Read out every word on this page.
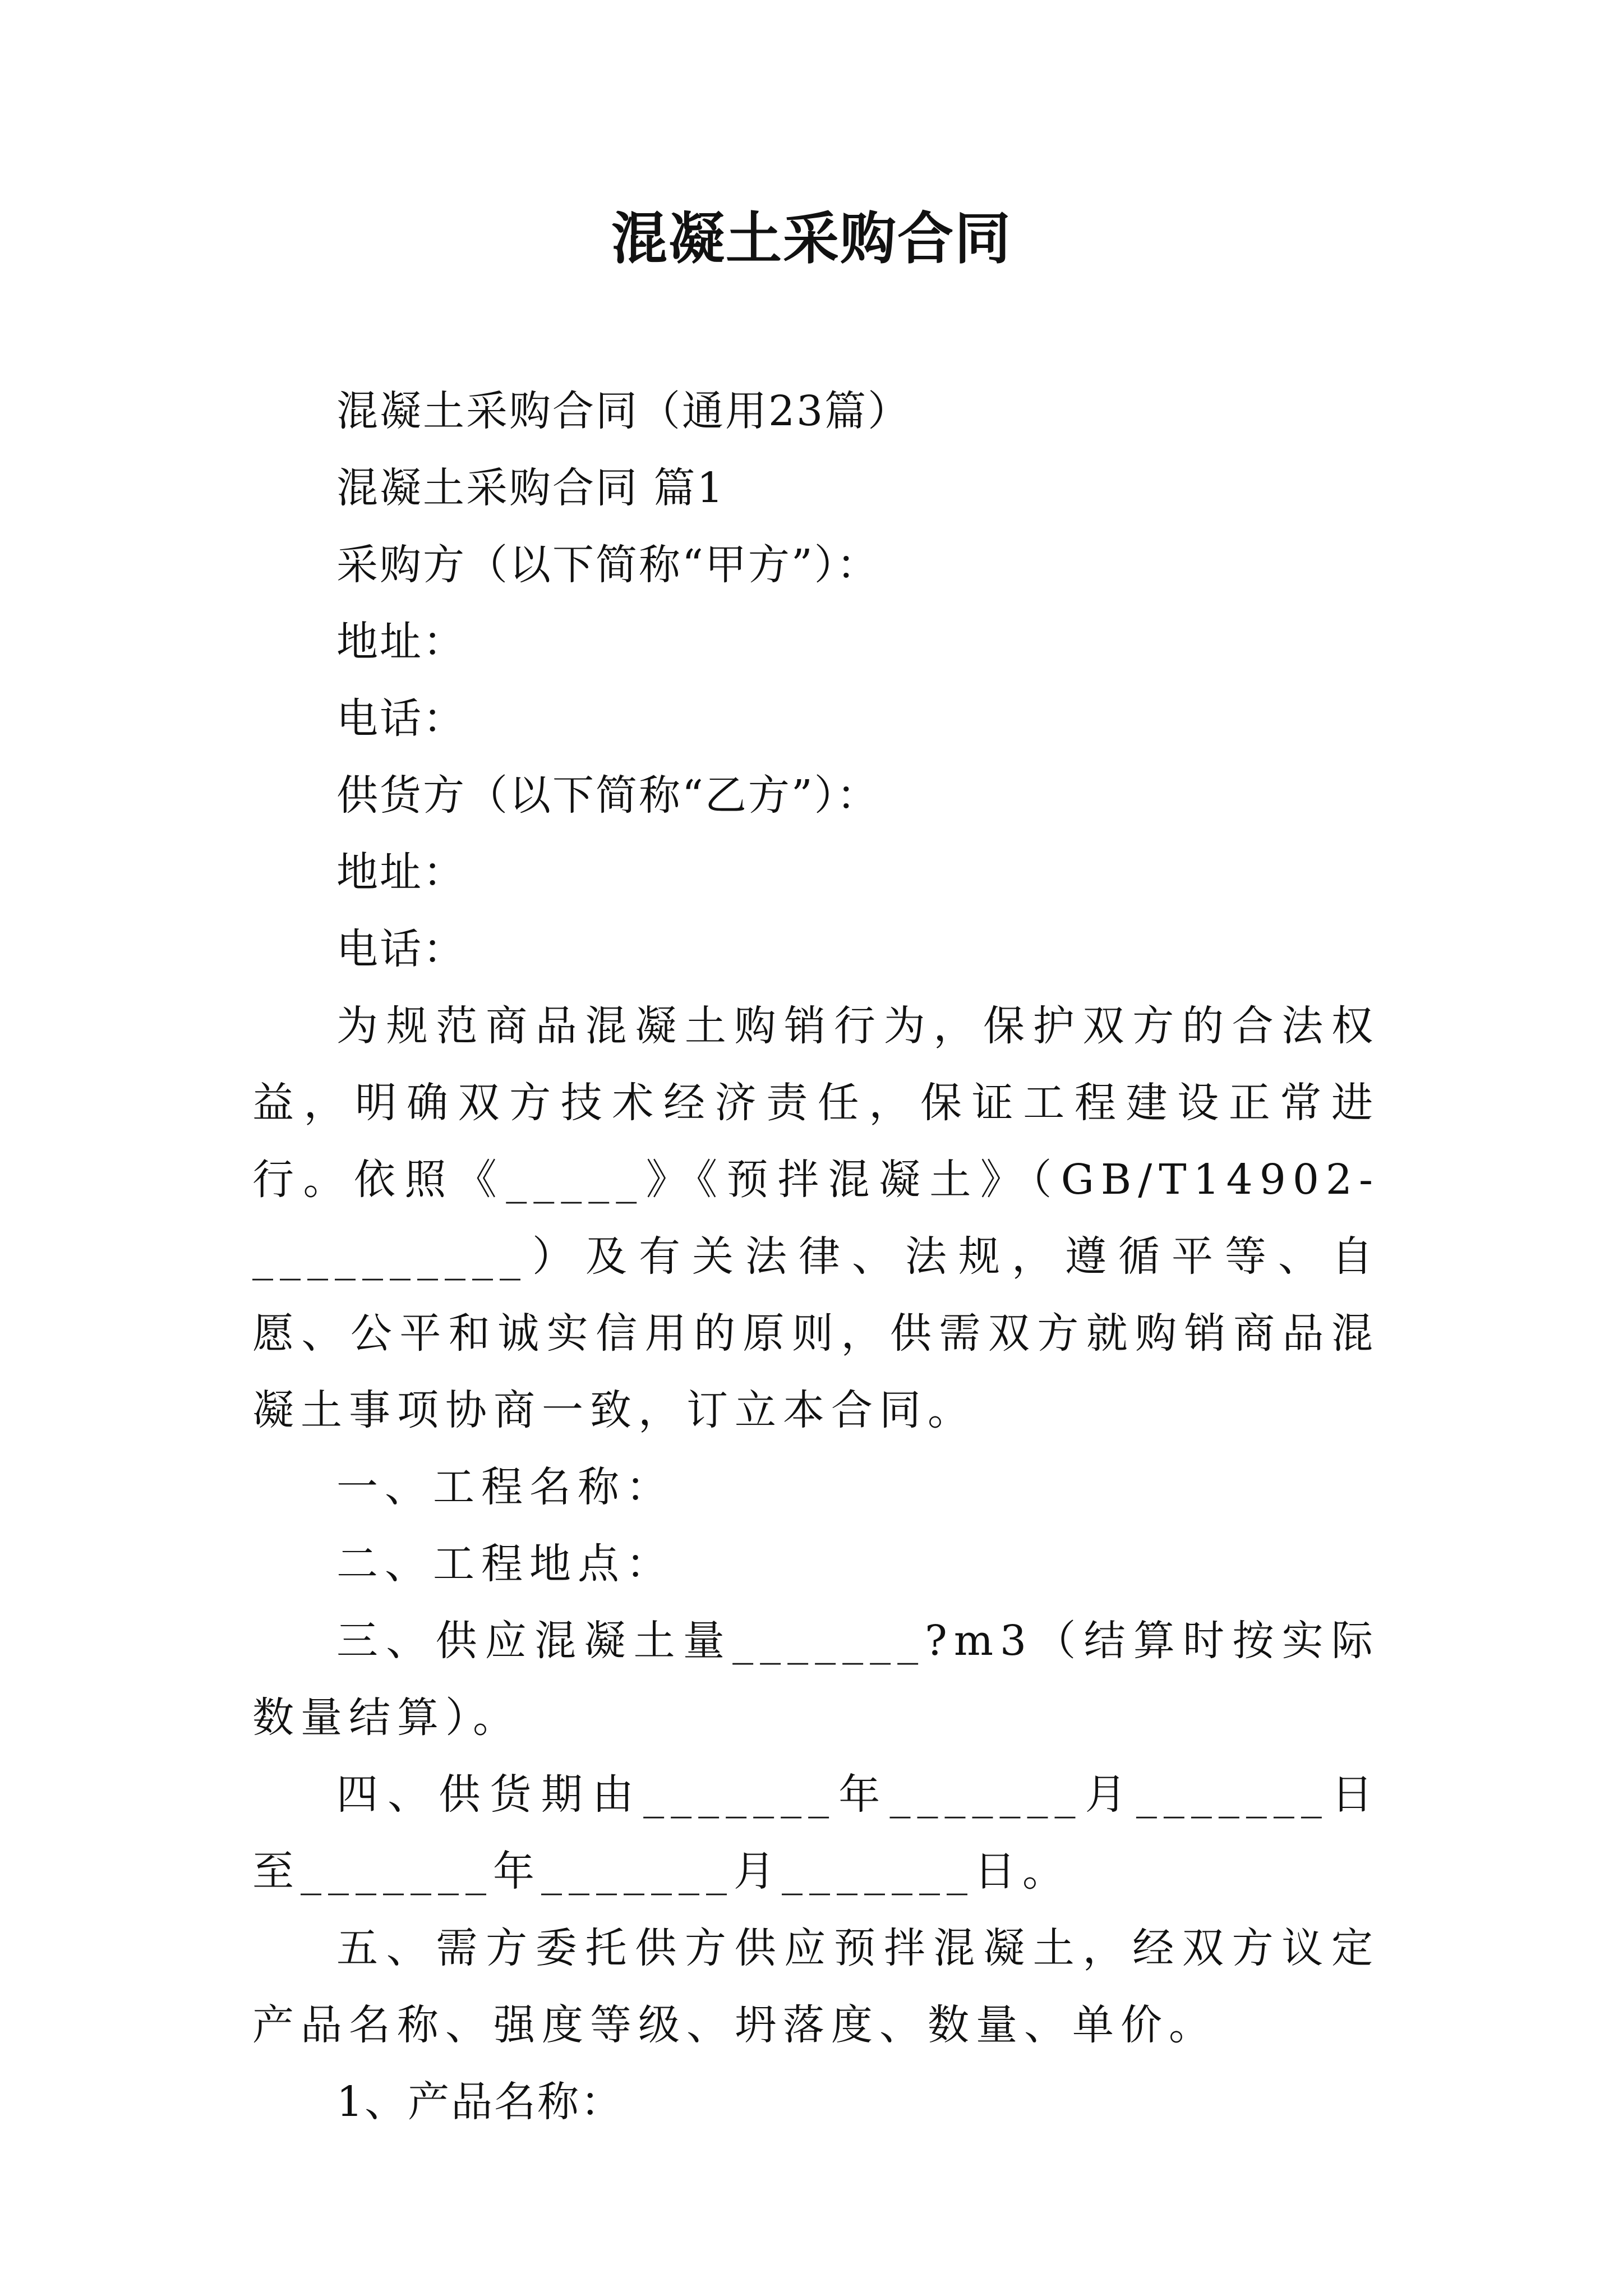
混凝土采购合同

混凝土采购合同（通用23篇）

混凝土采购合同 篇1

采购方（以下简称“甲方”）：

地址：

电话：

供货方（以下简称“乙方”）：

地址：

电话：

为规范商品混凝土购销行为，保护双方的合法权益，明确双方技术经济责任，保证工程建设正常进行。依照《_____》《预拌混凝土》（GB/T14902-__________）及有关法律、法规，遵循平等、自愿、公平和诚实信用的原则，供需双方就购销商品混凝土事项协商一致，订立本合同。

一、工程名称：

二、工程地点：

三、供应混凝土量_______?m3（结算时按实际数量结算）。

四、供货期由_______年_______月_______日至_______年_______月_______日。

五、需方委托供方供应预拌混凝土，经双方议定产品名称、强度等级、坍落度、数量、单价。

1、产品名称：
